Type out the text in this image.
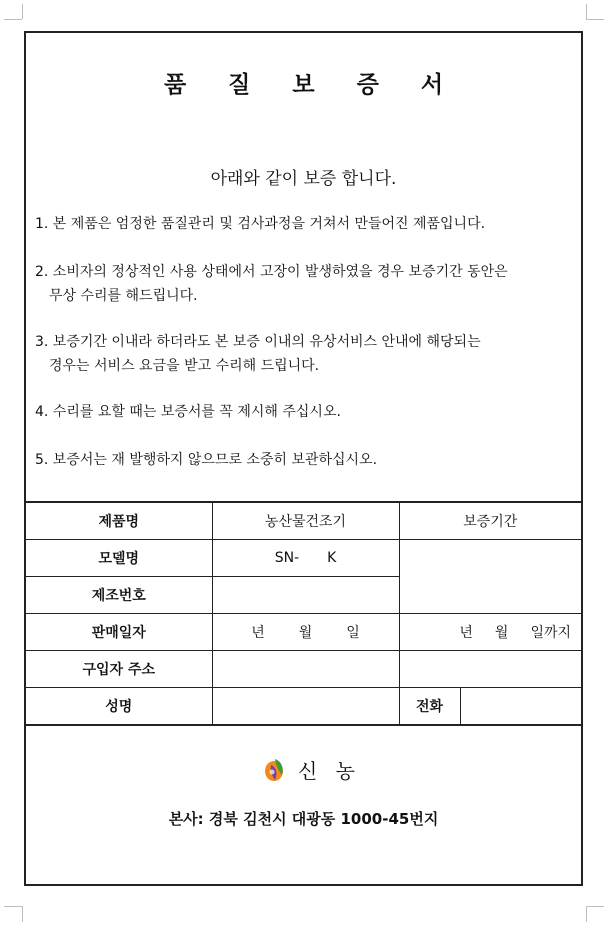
품 질 보 증 서
아래와 같이 보증 합니다.
1. 본 제품은 엄정한 품질관리 및 검사과정을 거쳐서 만들어진 제품입니다.
2. 소비자의 정상적인 사용 상태에서 고장이 발생하였을 경우 보증기간 동안은
무상 수리를 해드립니다.
3. 보증기간 이내라 하더라도 본 보증 이내의 유상서비스 안내에 해당되는
경우는 서비스 요금을 받고 수리해 드립니다.
4. 수리를 요할 때는 보증서를 꼭 제시해 주십시오.
5. 보증서는 재 발행하지 않으므로 소중히 보관하십시오.
제품명	농산물건조기	보증기간	
모델명	SN- K		
제조번호			
판매일자	년 월 일	년 월 일까지	
구입자 주소			
성명		전화	
신 농
본사: 경북 김천시 대광동 1000-45번지
